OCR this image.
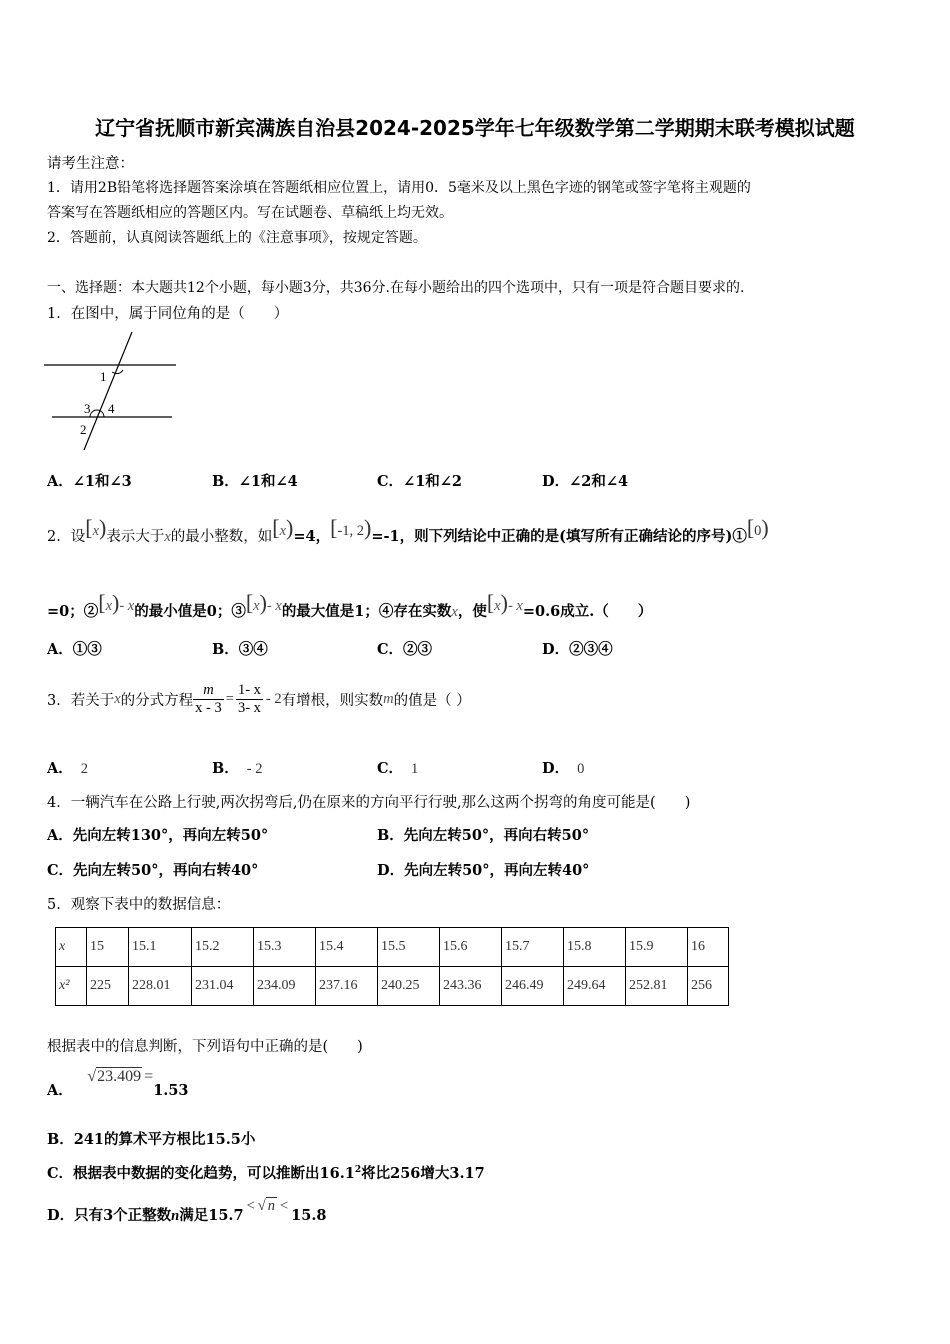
辽宁省抚顺市新宾满族自治县2024-2025学年七年级数学第二学期期末联考模拟试题
请考生注意：
1．请用2B铅笔将选择题答案涂填在答题纸相应位置上，请用0．5毫米及以上黑色字迹的钢笔或签字笔将主观题的
答案写在答题纸相应的答题区内。写在试题卷、草稿纸上均无效。
2．答题前，认真阅读答题纸上的《注意事项》，按规定答题。
一、选择题：本大题共12个小题，每小题3分，共36分.在每小题给出的四个选项中，只有一项是符合题目要求的.
1．在图中，属于同位角的是（　　）
1
3 4
2
A．∠1和∠3	B．∠1和∠4	C．∠1和∠2	D．∠2和∠4
2．设[x)表示大于x的最小整数，如[x)=4，[-1, 2)=-1，则下列结论中正确的是(填写所有正确结论的序号)①[0)
=0；②[x)- x的最小值是0；③[x)- x的最大值是1；④存在实数x，使[x)- x=0.6成立.（　　）
A．①③	B．③④	C．②③	D．②③④
3．若关于 x 的分式方程 $\frac{m}{x - 3} = \frac{1- x}{3- x} - 2$ 有增根，则实数 m 的值是（ ）
A． 2	B． - 2	C． 1	D． 0
4．一辆汽车在公路上行驶,两次拐弯后,仍在原来的方向平行行驶,那么这两个拐弯的角度可能是(　　)
A．先向左转130°，再向左转50°	B．先向左转50°，再向右转50°
C．先向左转50°，再向右转40°	D．先向左转50°，再向左转40°
5．观察下表中的数据信息：
x	15	15.1	15.2	15.3	15.4	15.5	15.6	15.7	15.8	15.9	16
x²	225	228.01	231.04	234.09	237.16	240.25	243.36	246.49	249.64	252.81	256
根据表中的信息判断，下列语句中正确的是(　　)
A． √23.409 =1.53
B．241的算术平方根比15.5小
C．根据表中数据的变化趋势，可以推断出16.1$^2$将比256增大3.17
D．只有3个正整数n满足15.7< √ n <15.8
